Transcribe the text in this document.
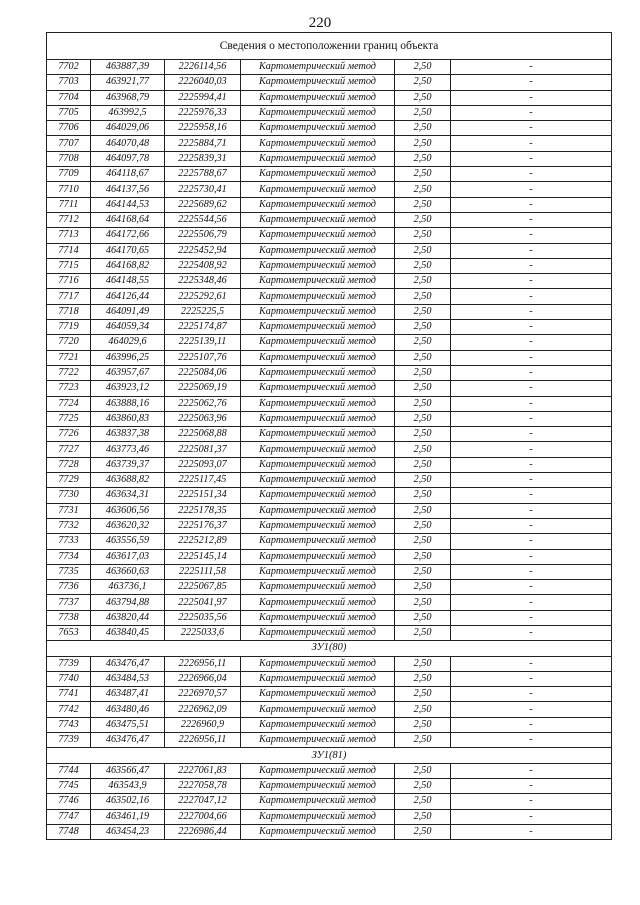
220
Сведения о местоположении границ объекта					
7702	463887,39	2226114,56	Картометрический метод	2,50	-
7703	463921,77	2226040,03	Картометрический метод	2,50	-
7704	463968,79	2225994,41	Картометрический метод	2,50	-
7705	463992,5	2225976,33	Картометрический метод	2,50	-
7706	464029,06	2225958,16	Картометрический метод	2,50	-
7707	464070,48	2225884,71	Картометрический метод	2,50	-
7708	464097,78	2225839,31	Картометрический метод	2,50	-
7709	464118,67	2225788,67	Картометрический метод	2,50	-
7710	464137,56	2225730,41	Картометрический метод	2,50	-
7711	464144,53	2225689,62	Картометрический метод	2,50	-
7712	464168,64	2225544,56	Картометрический метод	2,50	-
7713	464172,66	2225506,79	Картометрический метод	2,50	-
7714	464170,65	2225452,94	Картометрический метод	2,50	-
7715	464168,82	2225408,92	Картометрический метод	2,50	-
7716	464148,55	2225348,46	Картометрический метод	2,50	-
7717	464126,44	2225292,61	Картометрический метод	2,50	-
7718	464091,49	2225225,5	Картометрический метод	2,50	-
7719	464059,34	2225174,87	Картометрический метод	2,50	-
7720	464029,6	2225139,11	Картометрический метод	2,50	-
7721	463996,25	2225107,76	Картометрический метод	2,50	-
7722	463957,67	2225084,06	Картометрический метод	2,50	-
7723	463923,12	2225069,19	Картометрический метод	2,50	-
7724	463888,16	2225062,76	Картометрический метод	2,50	-
7725	463860,83	2225063,96	Картометрический метод	2,50	-
7726	463837,38	2225068,88	Картометрический метод	2,50	-
7727	463773,46	2225081,37	Картометрический метод	2,50	-
7728	463739,37	2225093,07	Картометрический метод	2,50	-
7729	463688,82	2225117,45	Картометрический метод	2,50	-
7730	463634,31	2225151,34	Картометрический метод	2,50	-
7731	463606,56	2225178,35	Картометрический метод	2,50	-
7732	463620,32	2225176,37	Картометрический метод	2,50	-
7733	463556,59	2225212,89	Картометрический метод	2,50	-
7734	463617,03	2225145,14	Картометрический метод	2,50	-
7735	463660,63	2225111,58	Картометрический метод	2,50	-
7736	463736,1	2225067,85	Картометрический метод	2,50	-
7737	463794,88	2225041,97	Картометрический метод	2,50	-
7738	463820,44	2225035,56	Картометрический метод	2,50	-
7653	463840,45	2225033,6	Картометрический метод	2,50	-
ЗУ1(80)					
7739	463476,47	2226956,11	Картометрический метод	2,50	-
7740	463484,53	2226966,04	Картометрический метод	2,50	-
7741	463487,41	2226970,57	Картометрический метод	2,50	-
7742	463480,46	2226962,09	Картометрический метод	2,50	-
7743	463475,51	2226960,9	Картометрический метод	2,50	-
7739	463476,47	2226956,11	Картометрический метод	2,50	-
ЗУ1(81)					
7744	463566,47	2227061,83	Картометрический метод	2,50	-
7745	463543,9	2227058,78	Картометрический метод	2,50	-
7746	463502,16	2227047,12	Картометрический метод	2,50	-
7747	463461,19	2227004,66	Картометрический метод	2,50	-
7748	463454,23	2226986,44	Картометрический метод	2,50	-
